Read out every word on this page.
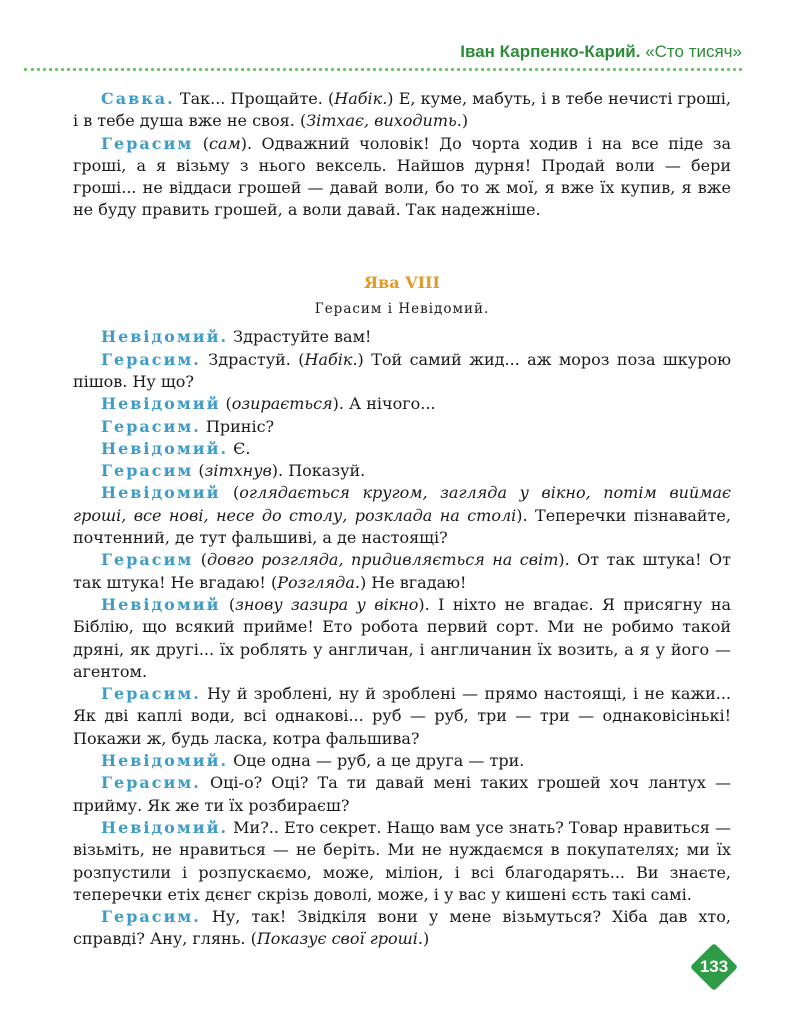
Іван Карпенко-Карий. «Сто тисяч»

Савка. Так... Прощайте. (Набік.) Е, куме, мабуть, і в тебе нечисті гроші, і в тебе душа вже не своя. (Зітхає, виходить.)

Герасим (сам). Одважний чоловік! До чорта ходив і на все піде за гроші, а я візьму з нього вексель. Найшов дурня! Продай воли — бери гроші... не віддаси грошей — давай воли, бо то ж мої, я вже їх купив, я вже не буду править грошей, а воли давай. Так надежніше.

Ява VIII
Герасим і Невідомий.

Невідомий. Здрастуйте вам!

Герасим. Здрастуй. (Набік.) Той самий жид... аж мороз поза шкурою пішов. Ну що?

Невідомий (озирається). А нічого...

Герасим. Приніс?

Невідомий. Є.

Герасим (зітхнув). Показуй.

Невідомий (оглядається кругом, загляда у вікно, потім виймає гроші, все нові, несе до столу, розклада на столі). Теперечки пізнавайте, почтенний, де тут фальшиві, а де настоящі?

Герасим (довго розгляда, придивляється на світ). От так штука! От так штука! Не вгадаю! (Розгляда.) Не вгадаю!

Невідомий (знову зазира у вікно). І ніхто не вгадає. Я присягну на Біблію, що всякий прийме! Ето робота первий сорт. Ми не робимо такой дряні, як другі... їх роблять у англичан, і англичанин їх возить, а я у його — агентом.

Герасим. Ну й зроблені, ну й зроблені — прямо настоящі, і не кажи... Як дві каплі води, всі однакові... руб — руб, три — три — однаковісінькі! Покажи ж, будь ласка, котра фальшива?

Невідомий. Оце одна — руб, а це друга — три.

Герасим. Оці-о? Оці? Та ти давай мені таких грошей хоч лантух — прийму. Як же ти їх розбираєш?

Невідомий. Ми?.. Ето секрет. Нащо вам усе знать? Товар нравиться — візьміть, не нравиться — не беріть. Ми не нуждаємся в покупателях; ми їх розпустили і розпускаємо, може, міліон, і всі благодарять... Ви знаєте, теперечки етіх дєнєг скрізь доволі, може, і у вас у кишені єсть такі самі.

Герасим. Ну, так! Звідкіля вони у мене візьмуться? Хіба дав хто, справді? Ану, глянь. (Показує свої гроші.)

133
